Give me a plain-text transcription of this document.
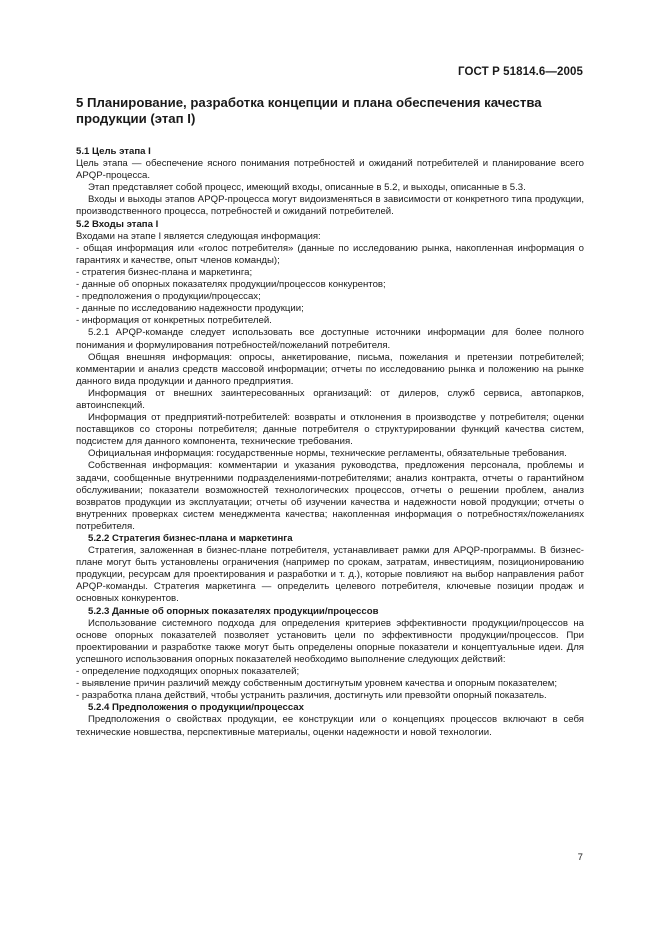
ГОСТ Р 51814.6—2005
5 Планирование, разработка концепции и плана обеспечения качества продукции (этап I)
5.1 Цель этапа I

Цель этапа — обеспечение ясного понимания потребностей и ожиданий потребителей и планирование всего APQP-процесса.

Этап представляет собой процесс, имеющий входы, описанные в 5.2, и выходы, описанные в 5.3.

Входы и выходы этапов APQP-процесса могут видоизменяться в зависимости от конкретного типа продукции, производственного процесса, потребностей и ожиданий потребителей.

5.2 Входы этапа I

Входами на этапе I является следующая информация:

- общая информация или «голос потребителя» (данные по исследованию рынка, накопленная информация о гарантиях и качестве, опыт членов команды);

- стратегия бизнес-плана и маркетинга;

- данные об опорных показателях продукции/процессов конкурентов;

- предположения о продукции/процессах;

- данные по исследованию надежности продукции;

- информация от конкретных потребителей.

5.2.1 APQP-команде следует использовать все доступные источники информации для более полного понимания и формулирования потребностей/пожеланий потребителя.

Общая внешняя информация: опросы, анкетирование, письма, пожелания и претензии потребителей; комментарии и анализ средств массовой информации; отчеты по исследованию рынка и положению на рынке данного вида продукции и данного предприятия.

Информация от внешних заинтересованных организаций: от дилеров, служб сервиса, автопарков, автоинспекций.

Информация от предприятий-потребителей: возвраты и отклонения в производстве у потребителя; оценки поставщиков со стороны потребителя; данные потребителя о структурировании функций качества систем, подсистем для данного компонента, технические требования.

Официальная информация: государственные нормы, технические регламенты, обязательные требования.

Собственная информация: комментарии и указания руководства, предложения персонала, проблемы и задачи, сообщенные внутренними подразделениями-потребителями; анализ контракта, отчеты о гарантийном обслуживании; показатели возможностей технологических процессов, отчеты о решении проблем, анализ возвратов продукции из эксплуатации; отчеты об изучении качества и надежности новой продукции; отчеты о внутренних проверках систем менеджмента качества; накопленная информация о потребностях/пожеланиях потребителя.

5.2.2 Стратегия бизнес-плана и маркетинга

Стратегия, заложенная в бизнес-плане потребителя, устанавливает рамки для APQP-программы. В бизнес-плане могут быть установлены ограничения (например по срокам, затратам, инвестициям, позиционированию продукции, ресурсам для проектирования и разработки и т. д.), которые повлияют на выбор направления работ APQP-команды. Стратегия маркетинга — определить целевого потребителя, ключевые позиции продаж и основных конкурентов.

5.2.3 Данные об опорных показателях продукции/процессов

Использование системного подхода для определения критериев эффективности продукции/процессов на основе опорных показателей позволяет установить цели по эффективности продукции/процессов. При проектировании и разработке также могут быть определены опорные показатели и концептуальные идеи. Для успешного использования опорных показателей необходимо выполнение следующих действий:

- определение подходящих опорных показателей;

- выявление причин различий между собственным достигнутым уровнем качества и опорным показателем;

- разработка плана действий, чтобы устранить различия, достигнуть или превзойти опорный показатель.

5.2.4 Предположения о продукции/процессах

Предположения о свойствах продукции, ее конструкции или о концепциях процессов включают в себя технические новшества, перспективные материалы, оценки надежности и новой технологии.

7
